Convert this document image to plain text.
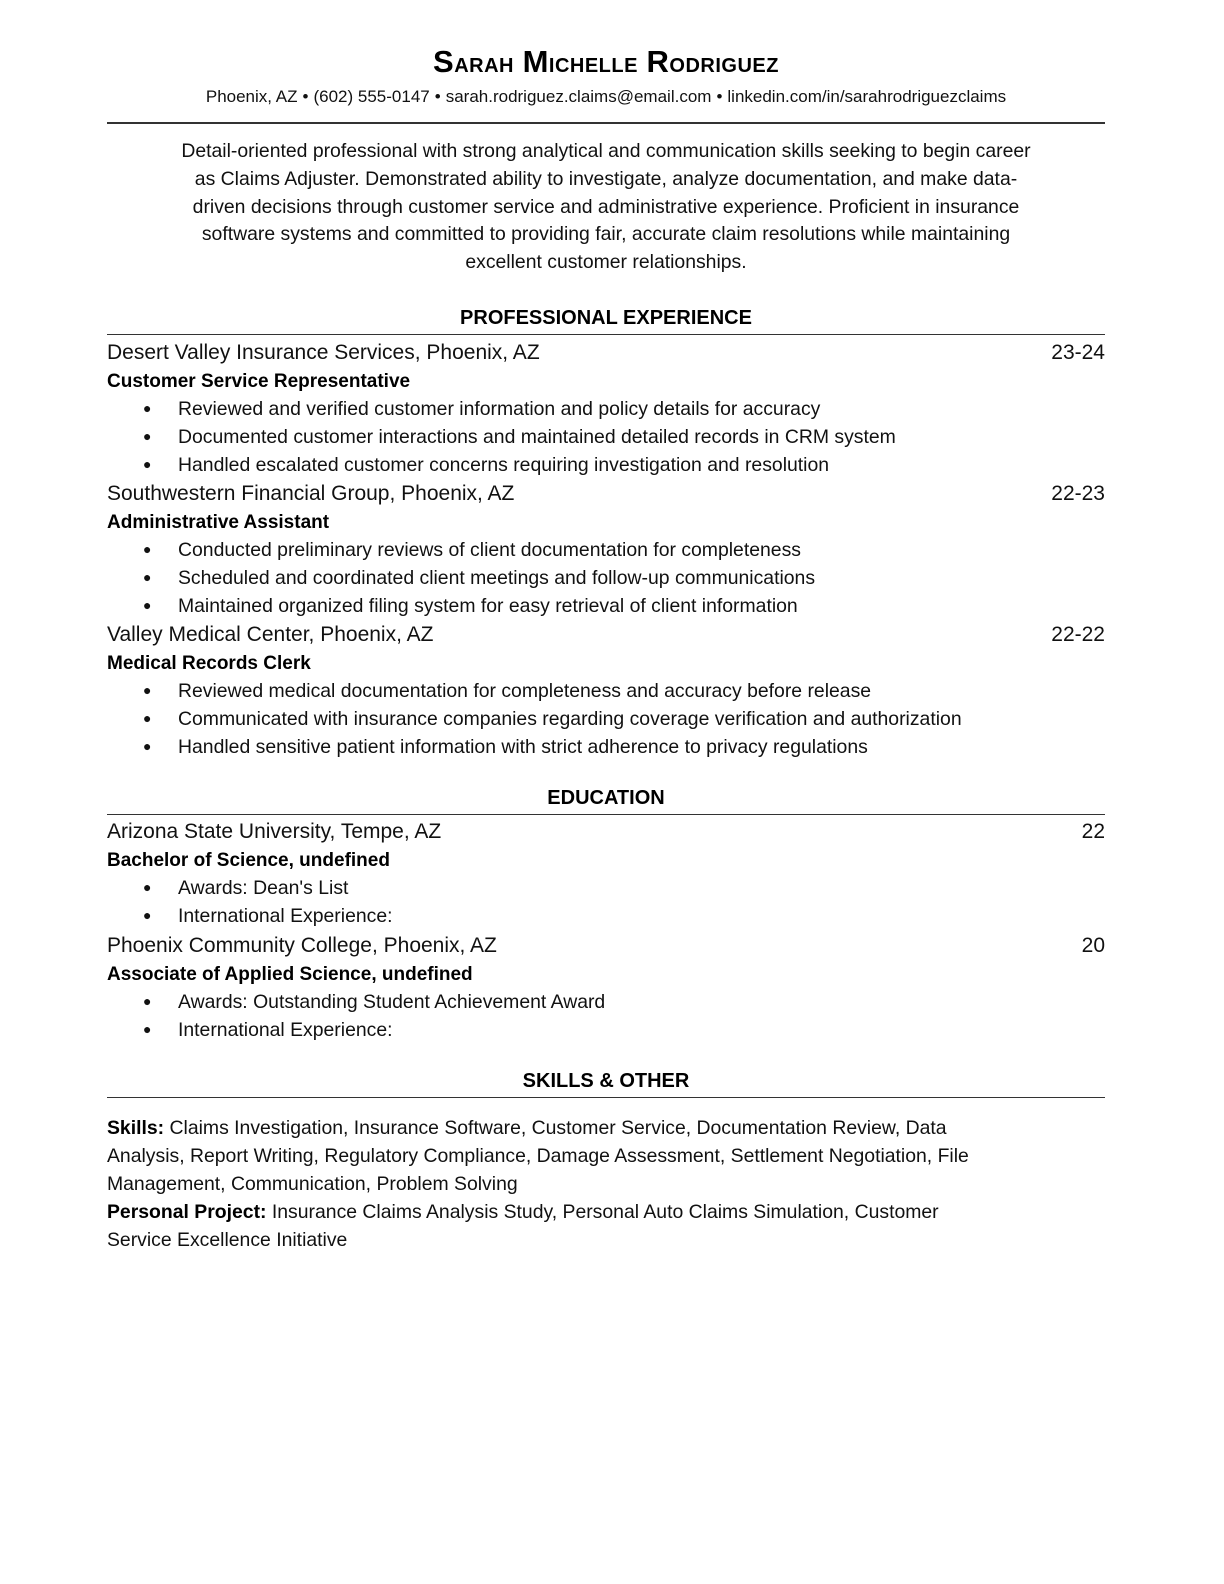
Sarah Michelle Rodriguez
Phoenix, AZ • (602) 555-0147 • sarah.rodriguez.claims@email.com • linkedin.com/in/sarahrodriguezclaims
Detail-oriented professional with strong analytical and communication skills seeking to begin career
as Claims Adjuster. Demonstrated ability to investigate, analyze documentation, and make data-
driven decisions through customer service and administrative experience. Proficient in insurance
software systems and committed to providing fair, accurate claim resolutions while maintaining
excellent customer relationships.
PROFESSIONAL EXPERIENCE
Desert Valley Insurance Services, Phoenix, AZ	23-24
Customer Service Representative
● Reviewed and verified customer information and policy details for accuracy
● Documented customer interactions and maintained detailed records in CRM system
● Handled escalated customer concerns requiring investigation and resolution
Southwestern Financial Group, Phoenix, AZ	22-23
Administrative Assistant
● Conducted preliminary reviews of client documentation for completeness
● Scheduled and coordinated client meetings and follow-up communications
● Maintained organized filing system for easy retrieval of client information
Valley Medical Center, Phoenix, AZ	22-22
Medical Records Clerk
● Reviewed medical documentation for completeness and accuracy before release
● Communicated with insurance companies regarding coverage verification and authorization
● Handled sensitive patient information with strict adherence to privacy regulations
EDUCATION
Arizona State University, Tempe, AZ	22
Bachelor of Science, undefined
● Awards: Dean's List
● International Experience:
Phoenix Community College, Phoenix, AZ	20
Associate of Applied Science, undefined
● Awards: Outstanding Student Achievement Award
● International Experience:
SKILLS & OTHER
Skills: Claims Investigation, Insurance Software, Customer Service, Documentation Review, Data
Analysis, Report Writing, Regulatory Compliance, Damage Assessment, Settlement Negotiation, File
Management, Communication, Problem Solving
Personal Project: Insurance Claims Analysis Study, Personal Auto Claims Simulation, Customer
Service Excellence Initiative
